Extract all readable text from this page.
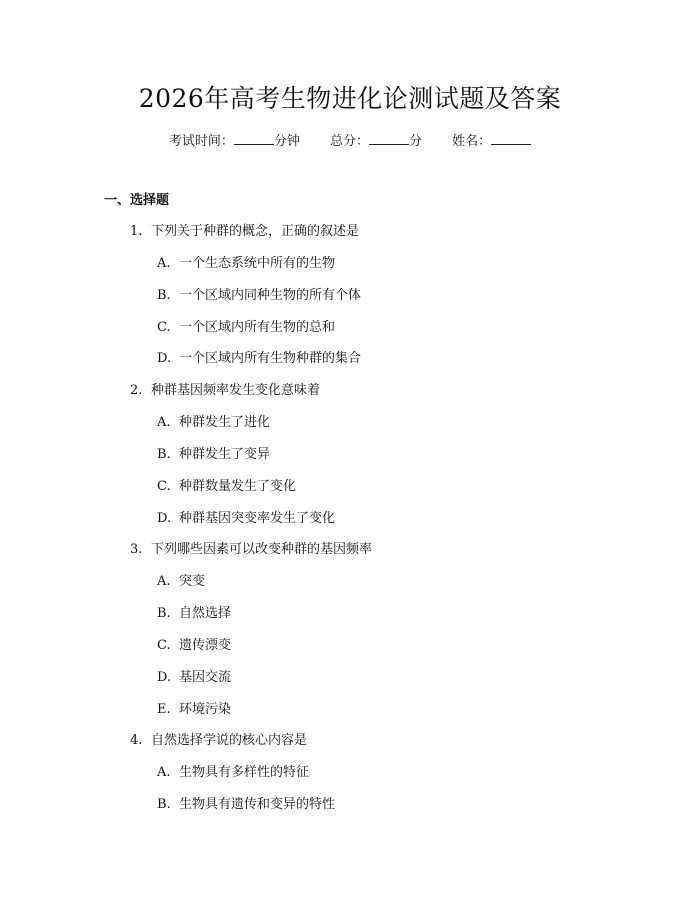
2026年高考生物进化论测试题及答案
考试时间：	分钟 总分：	分 姓名：
一、选择题
1. 下列关于种群的概念，正确的叙述是
A. 一个生态系统中所有的生物
B. 一个区域内同种生物的所有个体
C. 一个区域内所有生物的总和
D. 一个区域内所有生物种群的集合
2. 种群基因频率发生变化意味着
A. 种群发生了进化
B. 种群发生了变异
C. 种群数量发生了变化
D. 种群基因突变率发生了变化
3. 下列哪些因素可以改变种群的基因频率
A. 突变
B. 自然选择
C. 遗传漂变
D. 基因交流
E. 环境污染
4. 自然选择学说的核心内容是
A. 生物具有多样性的特征
B. 生物具有遗传和变异的特性
